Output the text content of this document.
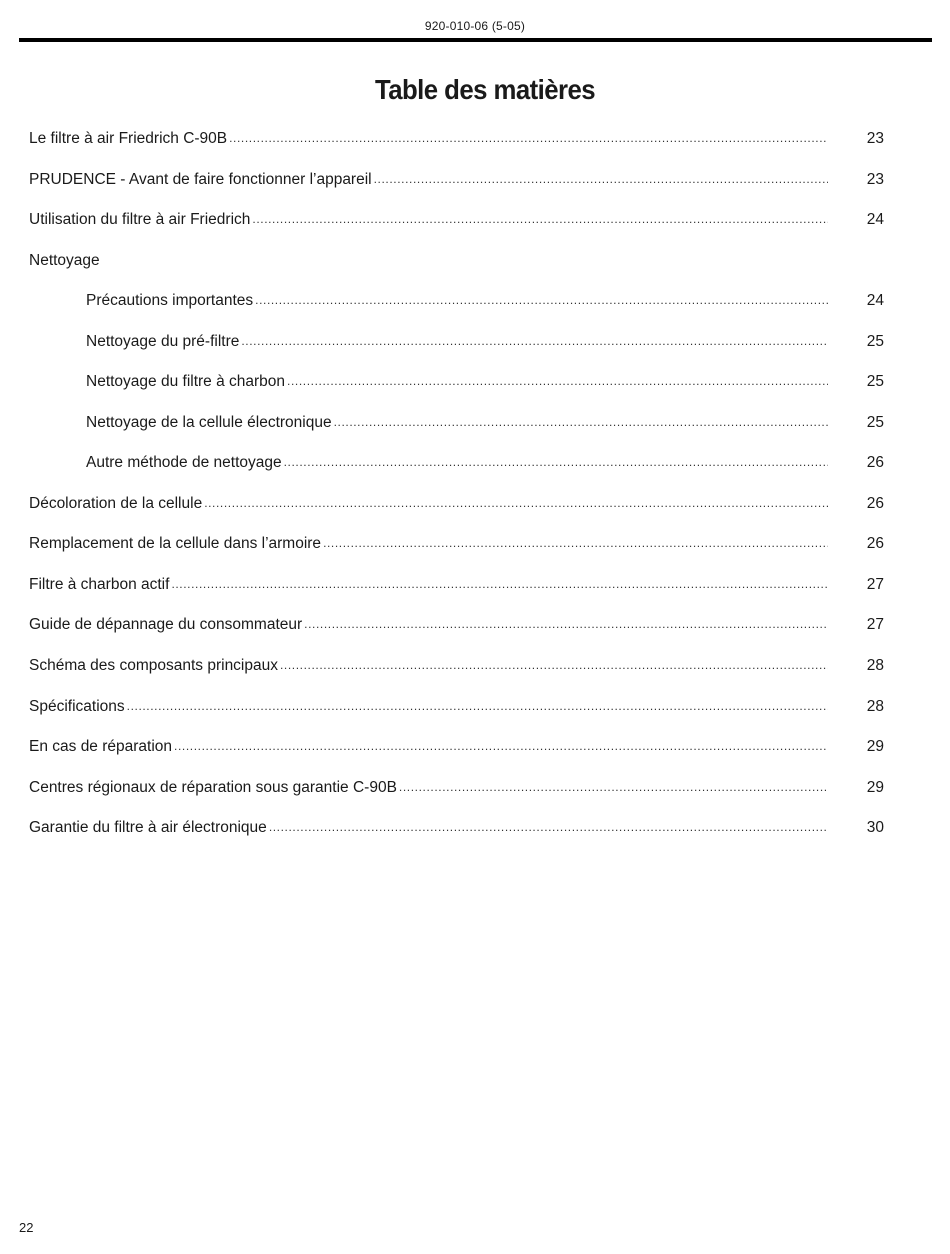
920-010-06 (5-05)
Table des matières
Le filtre à air Friedrich C-90B .....	23
PRUDENCE - Avant de faire fonctionner l’appareil .....	23
Utilisation du filtre à air Friedrich .....	24
Nettoyage
Précautions importantes .....	24
Nettoyage du pré-filtre .....	25
Nettoyage du filtre à charbon .....	25
Nettoyage de la cellule électronique .....	25
Autre méthode de nettoyage .....	26
Décoloration de la cellule .....	26
Remplacement de la cellule dans l’armoire .....	26
Filtre à charbon actif .....	27
Guide de dépannage du consommateur .....	27
Schéma des composants principaux .....	28
Spécifications .....	28
En cas de réparation .....	29
Centres régionaux de réparation sous garantie C-90B .....	29
Garantie du filtre à air électronique .....	30
22
